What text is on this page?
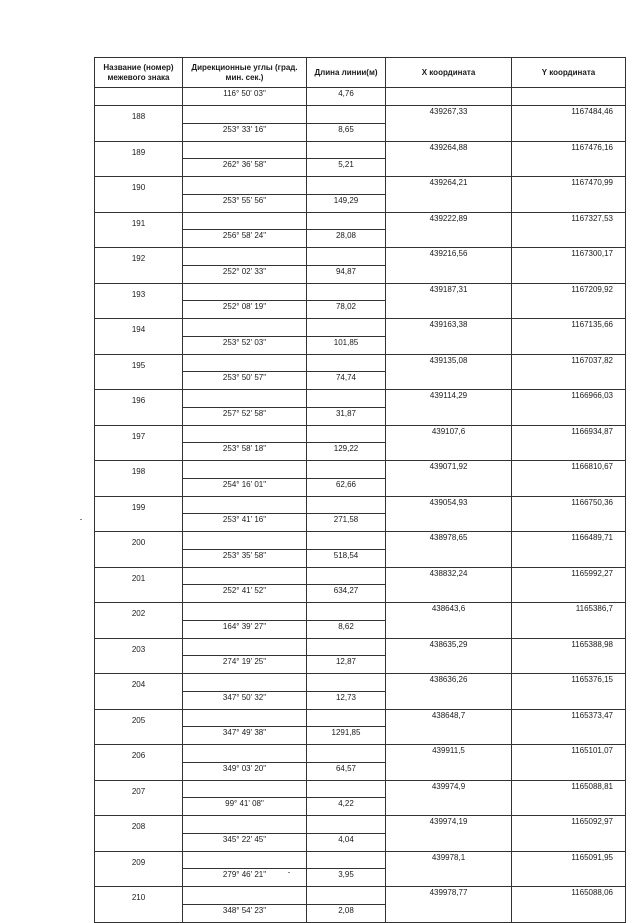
Название (номер) межевого знака	Дирекционные углы (град. мин. сек.)	Длина линии(м)	X координата	Y координата
	116° 50' 03"	4,76		
188			439267,33	1167484,46
	253° 33' 16"	8,65		
189			439264,88	1167476,16
	262° 36' 58"	5,21		
190			439264,21	1167470,99
	253° 55' 56"	149,29		
191			439222,89	1167327,53
	256° 58' 24"	28,08		
192			439216,56	1167300,17
	252° 02' 33"	94,87		
193			439187,31	1167209,92
	252° 08' 19"	78,02		
194			439163,38	1167135,66
	253° 52' 03"	101,85		
195			439135,08	1167037,82
	253° 50' 57"	74,74		
196			439114,29	1166966,03
	257° 52' 58"	31,87		
197			439107,6	1166934,87
	253° 58' 18"	129,22		
198			439071,92	1166810,67
	254° 16' 01"	62,66		
199			439054,93	1166750,36
	253° 41' 16"	271,58		
200			438978,65	1166489,71
	253° 35' 58"	518,54		
201			438832,24	1165992,27
	252° 41' 52"	634,27		
202			438643,6	1165386,7
	164° 39' 27"	8,62		
203			438635,29	1165388,98
	274° 19' 25"	12,87		
204			438636,26	1165376,15
	347° 50' 32"	12,73		
205			438648,7	1165373,47
	347° 49' 38"	1291,85		
206			439911,5	1165101,07
	349° 03' 20"	64,57		
207			439974,9	1165088,81
	99° 41' 08"	4,22		
208			439974,19	1165092,97
	345° 22' 45"	4,04		
209			439978,1	1165091,95
	279° 46' 21"	3,95		
210			439978,77	1165088,06
	348° 54' 23"	2,08		
